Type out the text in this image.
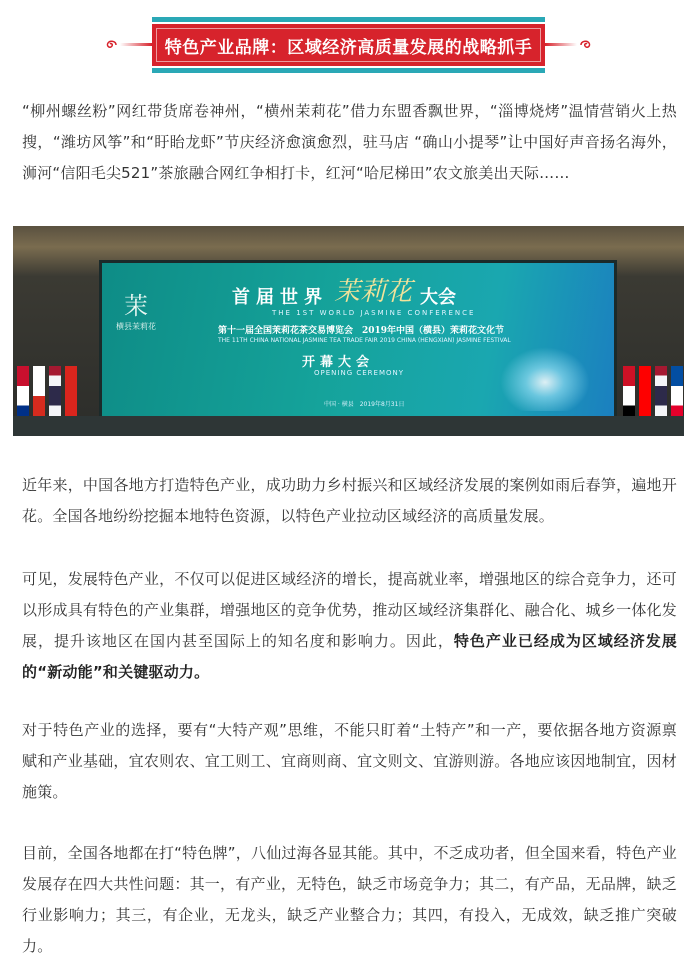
特色产业品牌：区域经济高质量发展的战略抓手

“柳州螺丝粉”网红带货席卷神州，“横州茉莉花”借力东盟香飘世界，“淄博烧烤”温情营销火上热搜，“潍坊风筝”和“盱眙龙虾”节庆经济愈演愈烈，驻马店 “确山小提琴”让中国好声音扬名海外，浉河“信阳毛尖521”茶旅融合网红争相打卡，红河“哈尼梯田”农文旅美出天际……

茉
横县茉莉花
首届世界 茉莉花 大会
THE 1ST WORLD JASMINE CONFERENCE
第十一届全国茉莉花茶交易博览会　2019年中国（横县）茉莉花文化节
THE 11TH CHINA NATIONAL JASMINE TEA TRADE FAIR 2019 CHINA (HENGXIAN) JASMINE FESTIVAL
开幕大会
OPENING CEREMONY
中国 · 横县　2019年8月31日

近年来，中国各地方打造特色产业，成功助力乡村振兴和区域经济发展的案例如雨后春笋，遍地开花。全国各地纷纷挖掘本地特色资源，以特色产业拉动区域经济的高质量发展。

可见，发展特色产业，不仅可以促进区域经济的增长，提高就业率，增强地区的综合竞争力，还可以形成具有特色的产业集群，增强地区的竞争优势，推动区域经济集群化、融合化、城乡一体化发展，提升该地区在国内甚至国际上的知名度和影响力。因此，特色产业已经成为区域经济发展的“新动能”和关键驱动力。

对于特色产业的选择，要有“大特产观”思维，不能只盯着“土特产”和一产，要依据各地方资源禀赋和产业基础，宜农则农、宜工则工、宜商则商、宜文则文、宜游则游。各地应该因地制宜，因材施策。

目前，全国各地都在打“特色牌”，八仙过海各显其能。其中，不乏成功者，但全国来看，特色产业发展存在四大共性问题：其一，有产业，无特色，缺乏市场竞争力；其二，有产品，无品牌，缺乏行业影响力；其三，有企业，无龙头，缺乏产业整合力；其四，有投入，无成效，缺乏推广突破力。
